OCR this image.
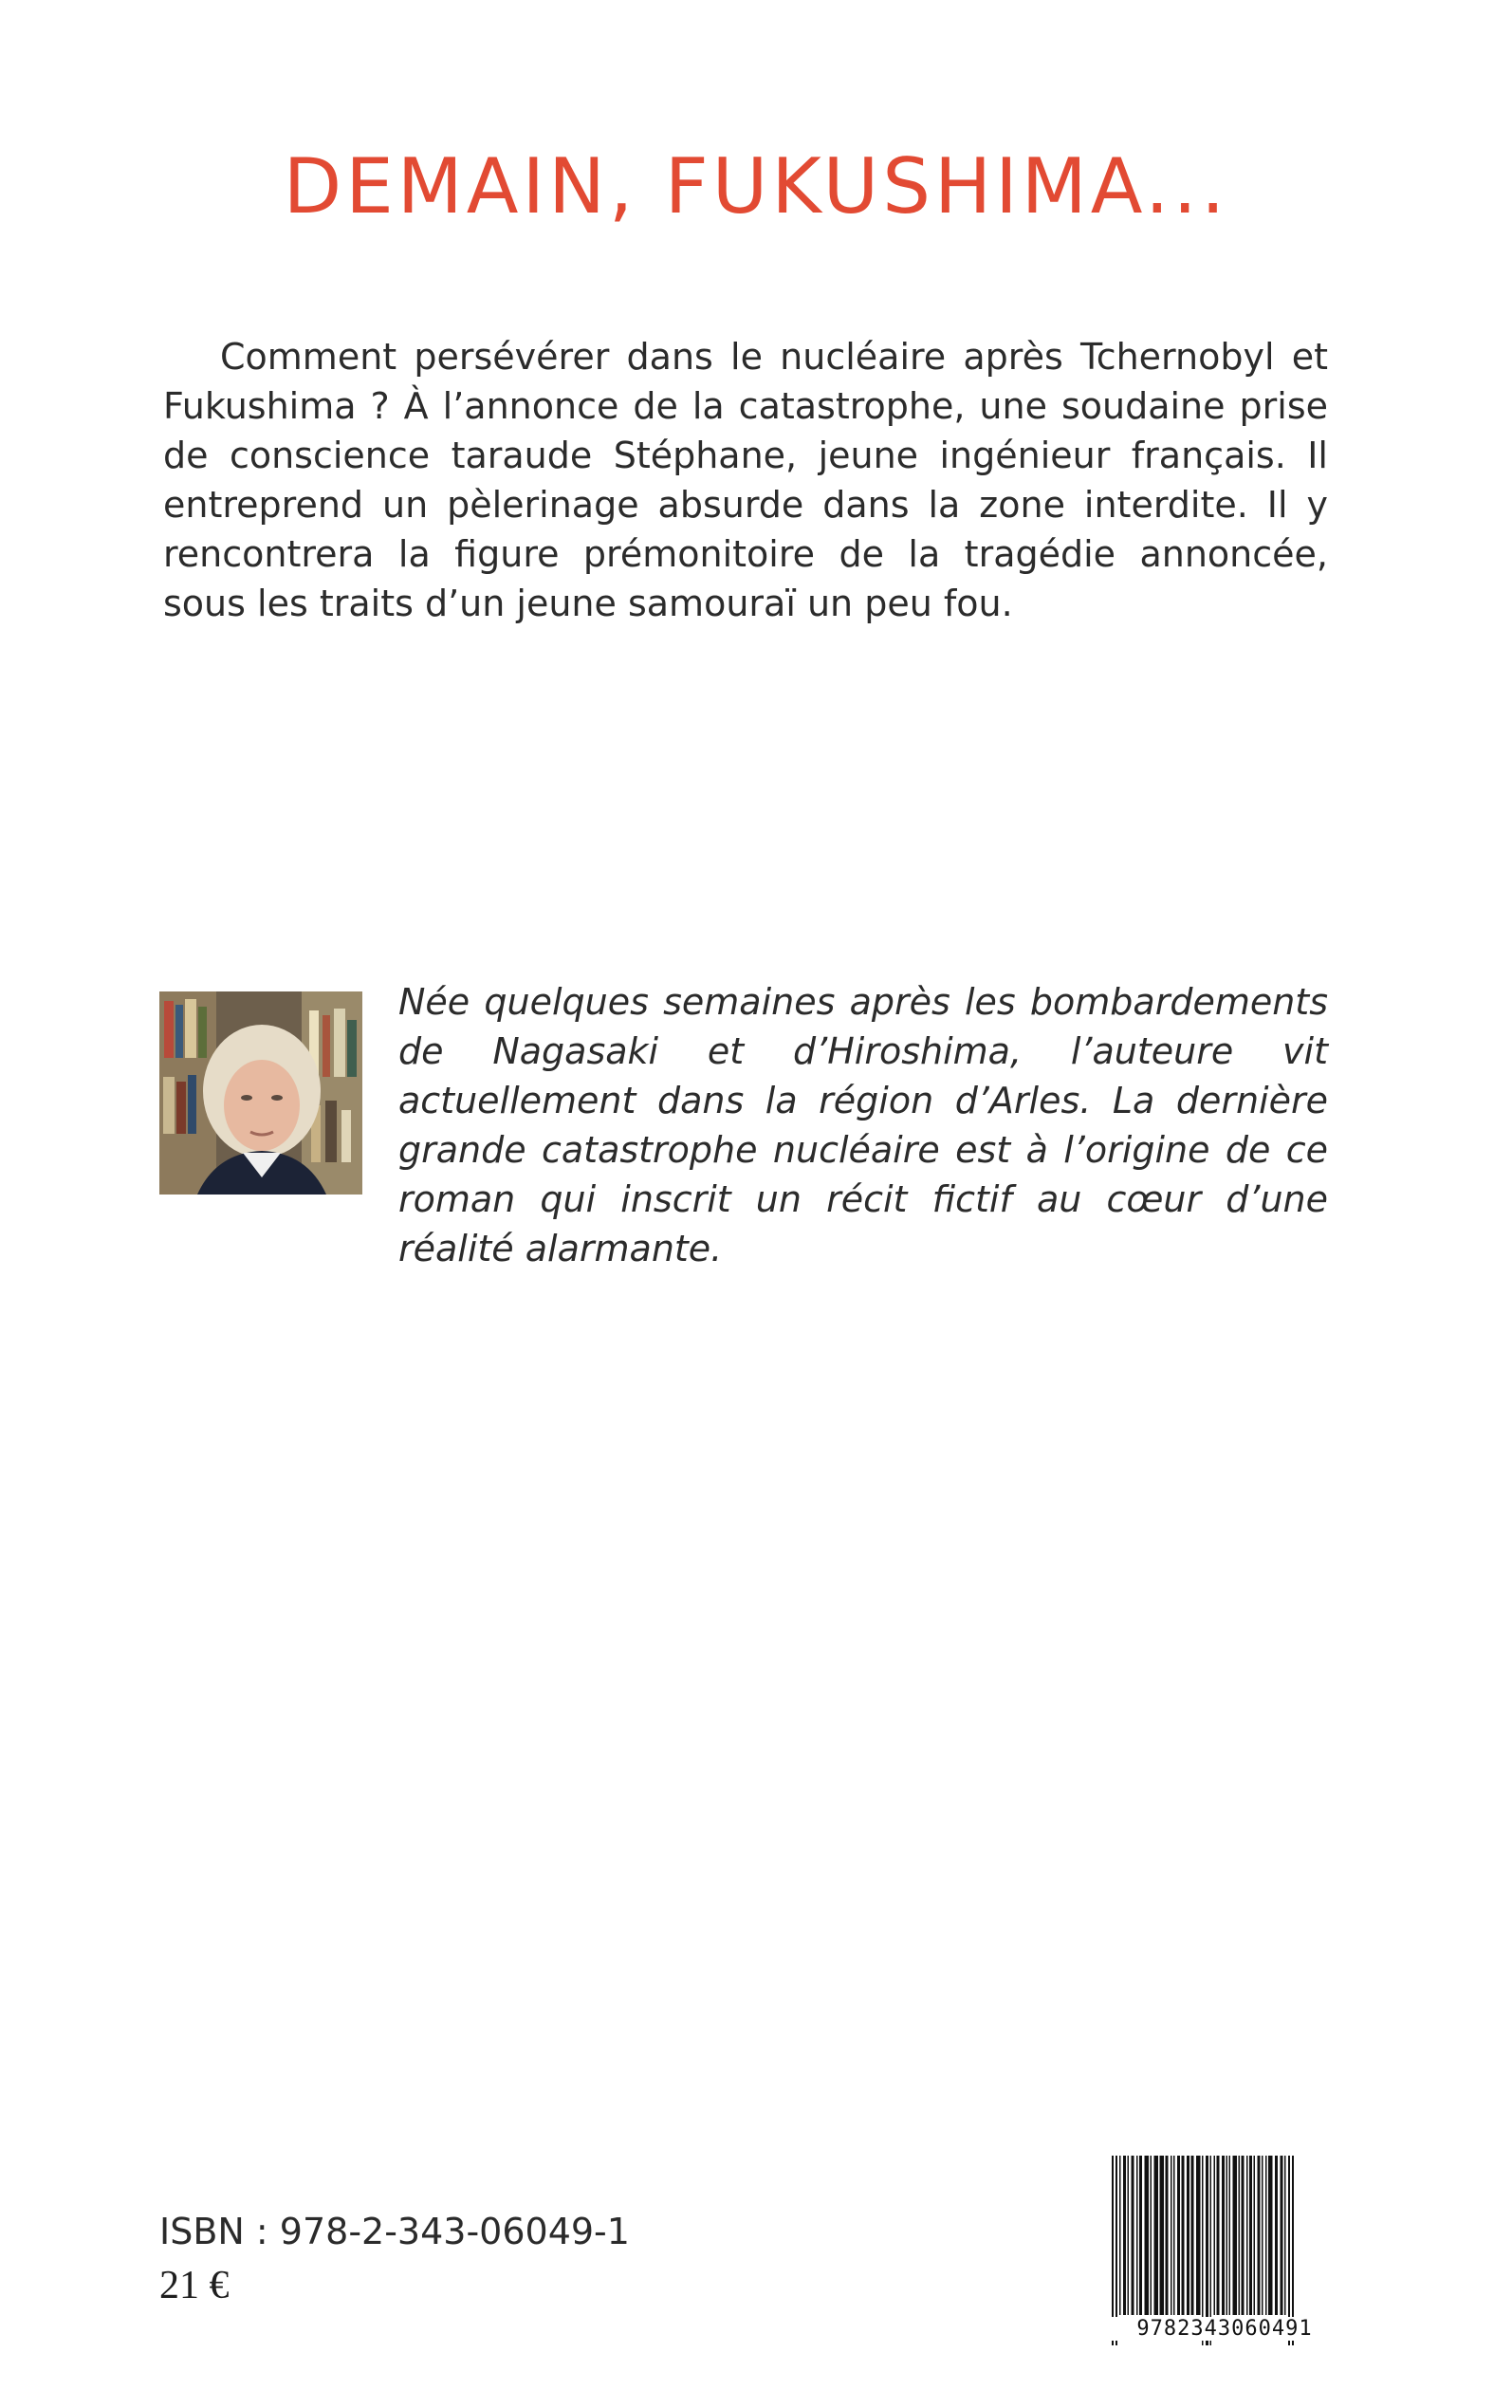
DEMAIN, FUKUSHIMA...

Comment persévérer dans le nucléaire après Tchernobyl et Fukushima ? À l’annonce de la catastrophe, une soudaine prise de conscience taraude Stéphane, jeune ingénieur français. Il entreprend un pèlerinage absurde dans la zone interdite. Il y rencontrera la figure prémonitoire de la tragédie annoncée, sous les traits d’un jeune samouraï un peu fou.

Née quelques semaines après les bombardements de Nagasaki et d’Hiroshima, l’auteure vit actuellement dans la région d’Arles. La dernière grande catastrophe nucléaire est à l’origine de ce roman qui inscrit un récit fictif au cœur d’une réalité alarmante.

ISBN : 978-2-343-06049-1
21 €
9782343060491
